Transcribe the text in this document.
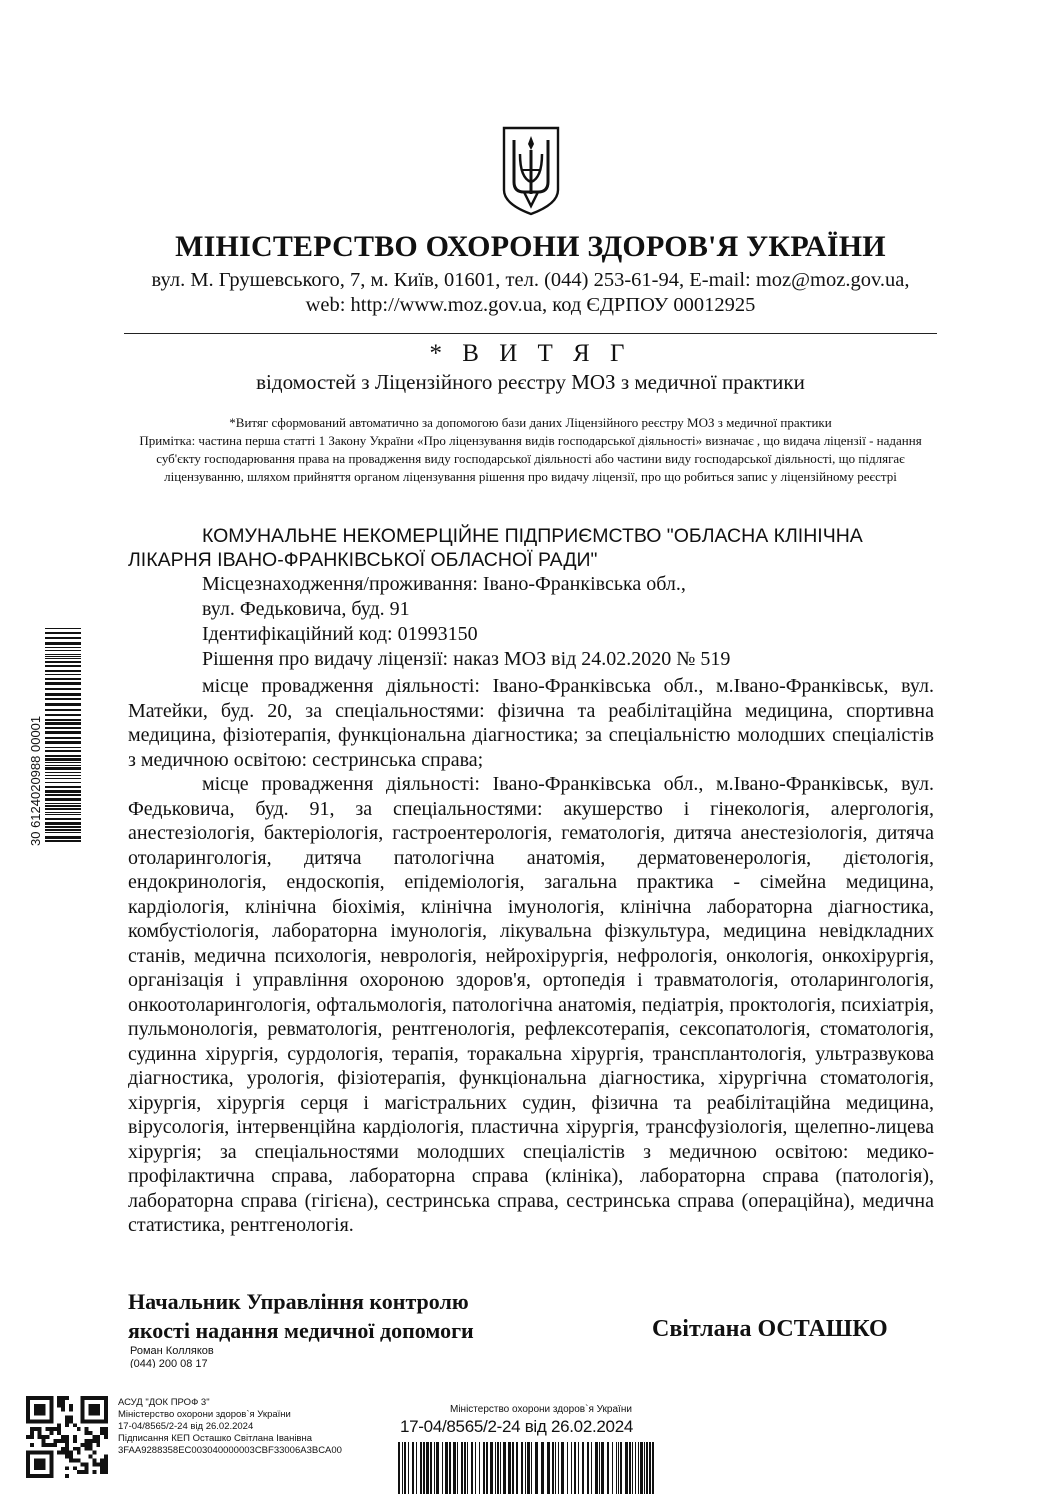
МІНІСТЕРСТВО ОХОРОНИ ЗДОРОВ'Я УКРАЇНИ
вул. М. Грушевського, 7, м. Київ, 01601, тел. (044) 253-61-94, E-mail: moz@moz.gov.ua,
web: http://www.moz.gov.ua, код ЄДРПОУ 00012925
* В И Т Я Г
відомостей з Ліцензійного реєстру МОЗ з медичної практики
*Витяг сформований автоматично за допомогою бази даних Ліцензійного реєстру МОЗ з медичної практики
Примітка: частина перша статті 1 Закону України «Про ліцензування видів господарської діяльності» визначає , що видача ліцензії - надання суб'єкту господарювання права на провадження виду господарської діяльності або частини виду господарської діяльності, що підлягає ліцензуванню, шляхом прийняття органом ліцензування рішення про видачу ліцензії, про що робиться запис у ліцензійному реєстрі
КОМУНАЛЬНЕ НЕКОМЕРЦІЙНЕ ПІДПРИЄМСТВО "ОБЛАСНА КЛІНІЧНА ЛІКАРНЯ ІВАНО-ФРАНКІВСЬКОЇ ОБЛАСНОЇ РАДИ"
Місцезнаходження/проживання: Івано-Франківська обл.,
вул. Федьковича, буд. 91
Ідентифікаційний код: 01993150
Рішення про видачу ліцензії: наказ МОЗ від 24.02.2020 № 519

місце провадження діяльності: Івано-Франківська обл., м.Івано-Франківськ, вул. Матейки, буд. 20, за спеціальностями: фізична та реабілітаційна медицина, спортивна медицина, фізіотерапія, функціональна діагностика; за спеціальністю молодших спеціалістів з медичною освітою: сестринська справа;

місце провадження діяльності: Івано-Франківська обл., м.Івано-Франківськ, вул. Федьковича, буд. 91, за спеціальностями: акушерство і гінекологія, алергологія, анестезіологія, бактеріологія, гастроентерологія, гематологія, дитяча анестезіологія, дитяча отоларингологія, дитяча патологічна анатомія, дерматовенерологія, дієтологія, ендокринологія, ендоскопія, епідеміологія, загальна практика - сімейна медицина, кардіологія, клінічна біохімія, клінічна імунологія, клінічна лабораторна діагностика, комбустіологія, лабораторна імунологія, лікувальна фізкультура, медицина невідкладних станів, медична психологія, неврологія, нейрохірургія, нефрологія, онкологія, онкохірургія, організація і управління охороною здоров'я, ортопедія і травматологія, отоларингологія, онкоотоларингологія, офтальмологія, патологічна анатомія, педіатрія, проктологія, психіатрія, пульмонологія, ревматологія, рентгенологія, рефлексотерапія, сексопатологія, стоматологія, судинна хірургія, сурдологія, терапія, торакальна хірургія, трансплантологія, ультразвукова діагностика, урологія, фізіотерапія, функціональна діагностика, хірургічна стоматологія, хірургія, хірургія серця і магістральних судин, фізична та реабілітаційна медицина, вірусологія, інтервенційна кардіологія, пластична хірургія, трансфузіологія, щелепно-лицева хірургія; за спеціальностями молодших спеціалістів з медичною освітою: медико-профілактична справа, лабораторна справа (клініка), лабораторна справа (патологія), лабораторна справа (гігієна), сестринська справа, сестринська справа (операційна), медична статистика, рентгенологія.

Начальник Управління контролю
якості надання медичної допомоги	Світлана ОСТАШКО
Роман Колляков
(044) 200 08 17
АСУД "ДОК ПРОФ 3"
Міністерство охорони здоров`я України
17-04/8565/2-24 від 26.02.2024
Підписання КЕП Осташко Світлана Іванівна
3FAA9288358EC003040000003CBF33006A3BCA00
Міністерство охорони здоров`я України
17-04/8565/2-24 від 26.02.2024
30 6124020988 00001
